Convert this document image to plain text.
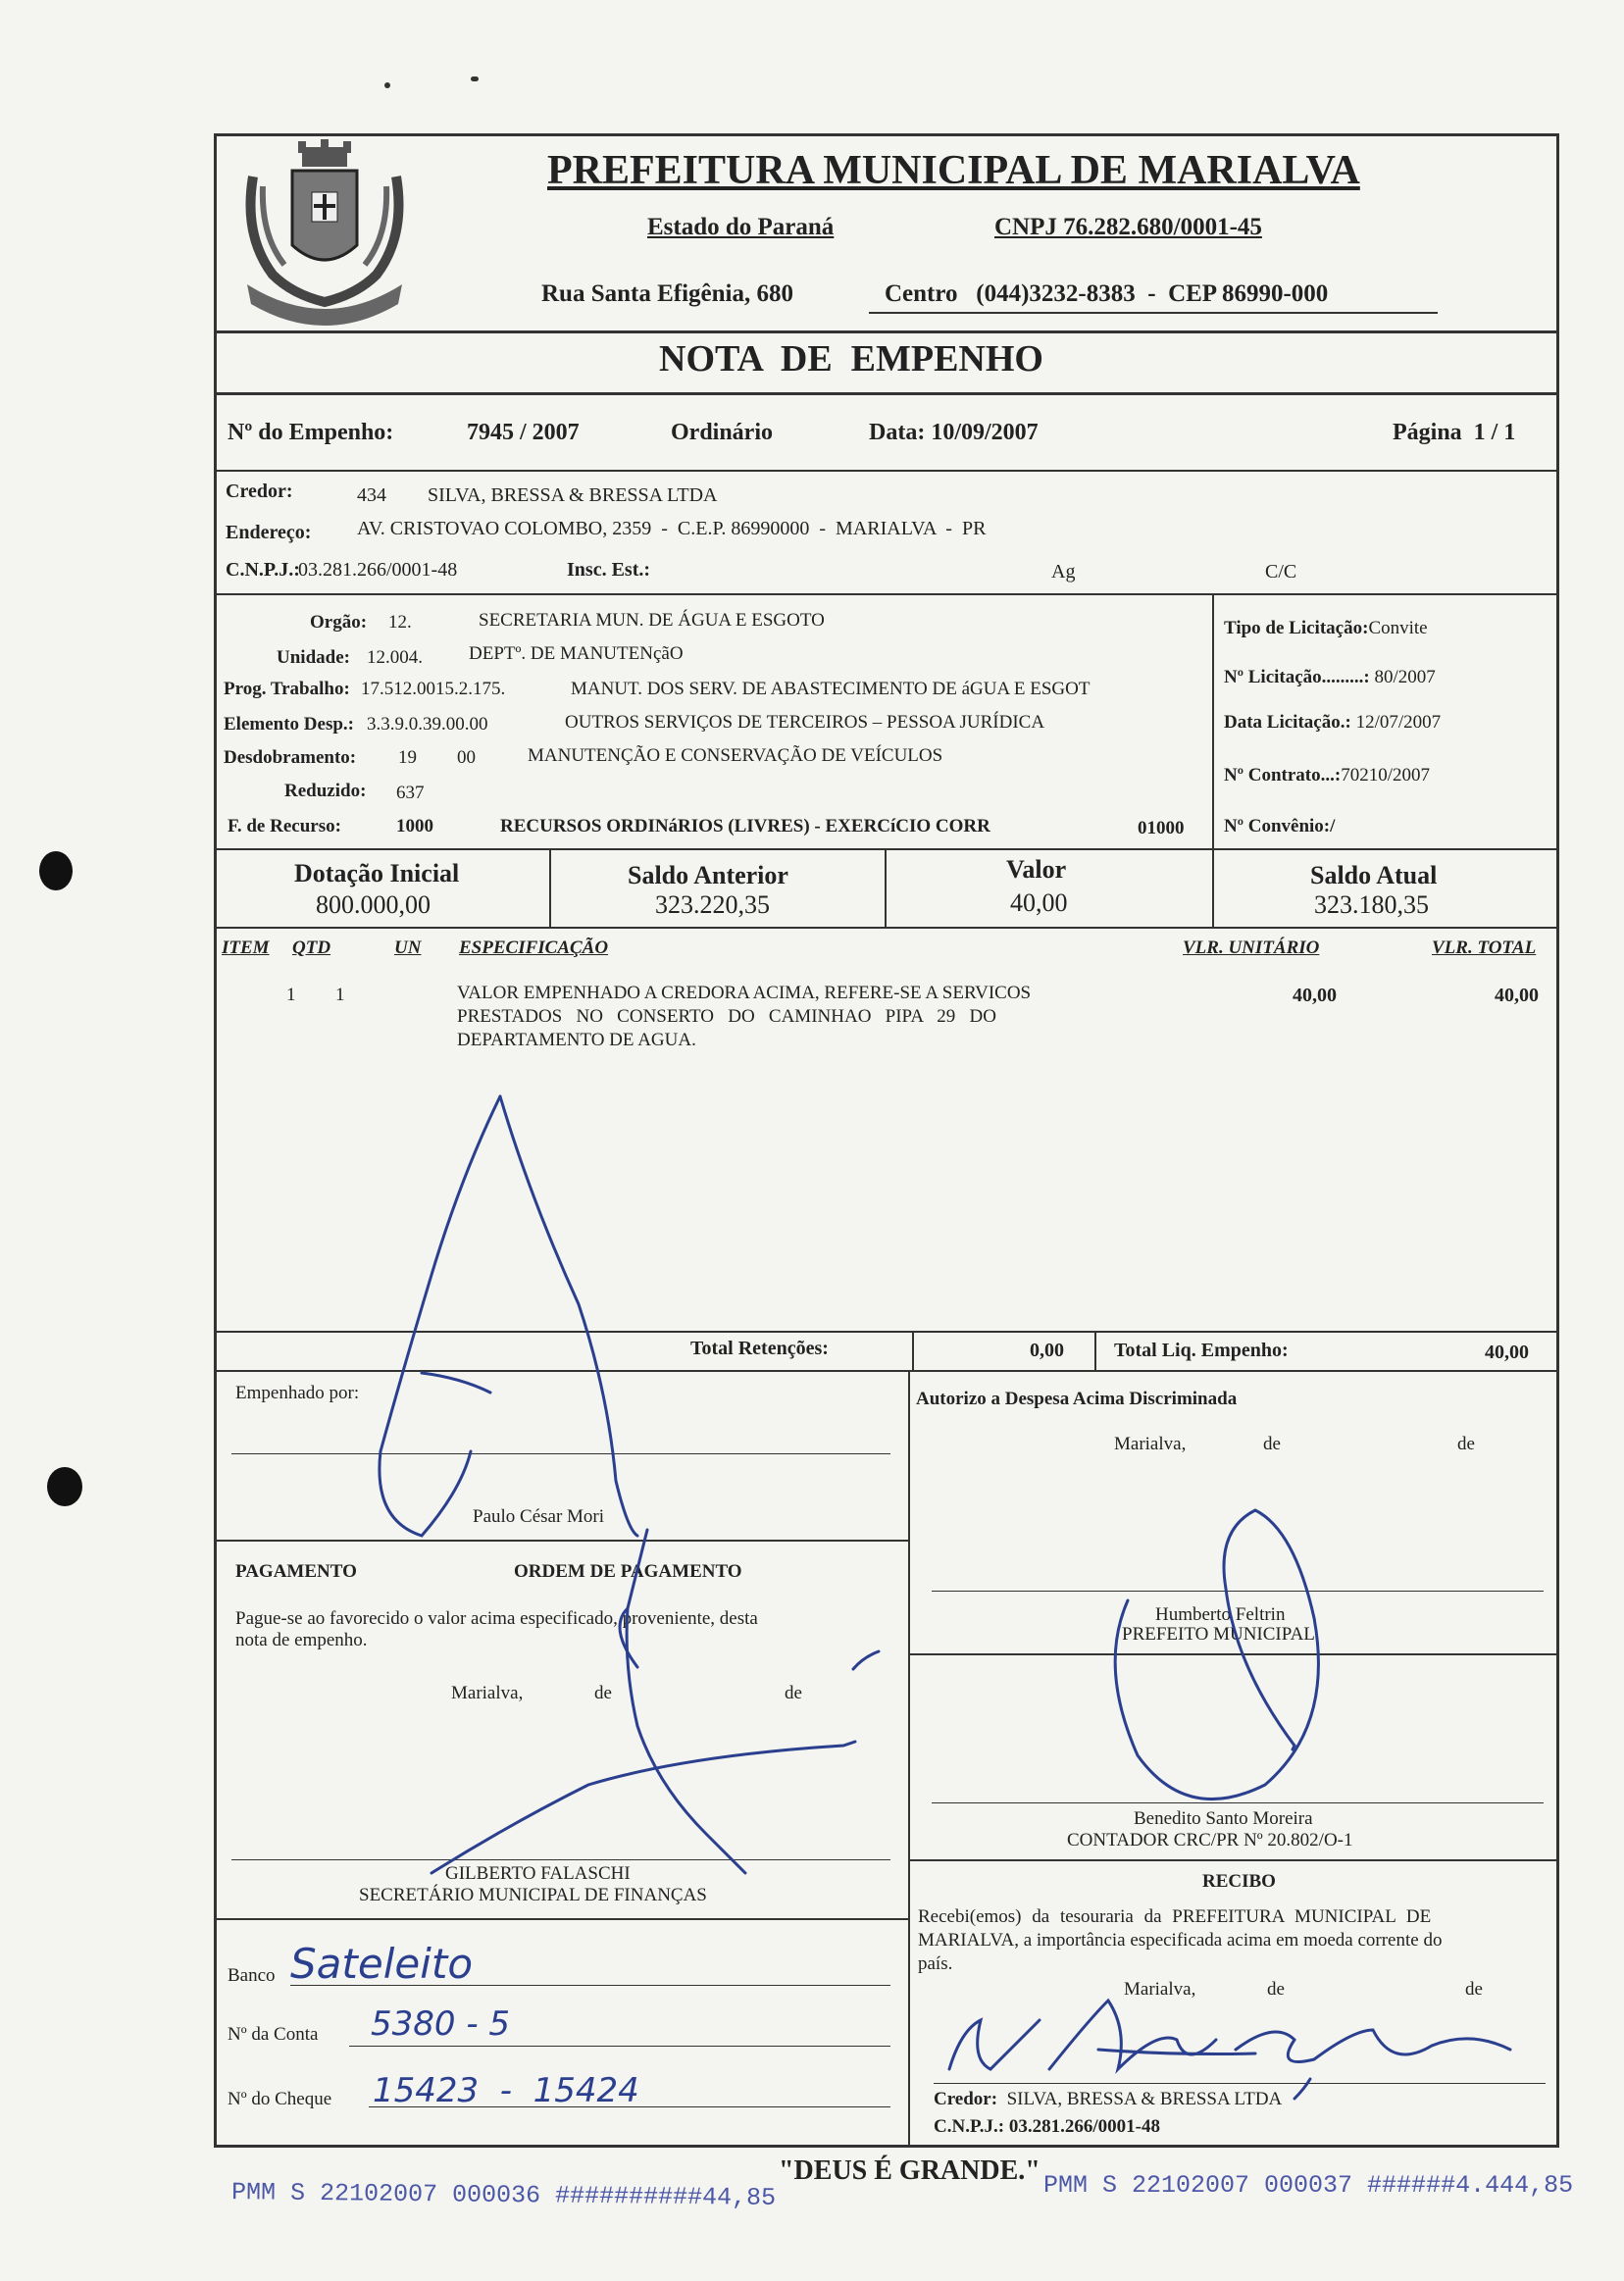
PREFEITURA MUNICIPAL DE MARIALVA
Estado do Paraná	CNPJ 76.282.680/0001-45
Rua Santa Efigênia, 680	Centro   (044)3232-8383  -  CEP 86990-000
NOTA  DE  EMPENHO
Nº do Empenho:	7945 / 2007	Ordinário	Data: 10/09/2007	Página  1 / 1
Credor:	434 SILVA, BRESSA & BRESSA LTDA
Endereço: AV. CRISTOVAO COLOMBO, 2359  -  C.E.P. 86990000  -  MARIALVA  -  PR
C.N.P.J.:
03.281.266/0001-48	Insc. Est.:	Ag	C/C
Orgão: 12.	SECRETARIA MUN. DE ÁGUA E ESGOTO
Unidade: 12.004. DEPTº. DE MANUTENçãO
Prog. Trabalho: 17.512.0015.2.175.	MANUT. DOS SERV. DE ABASTECIMENTO DE áGUA E ESGOT
Elemento Desp.: 3.3.9.0.39.00.00	OUTROS SERVIÇOS DE TERCEIROS – PESSOA JURÍDICA
Desdobramento: 19 00	MANUTENÇÃO E CONSERVAÇÃO DE VEÍCULOS
Reduzido: 637
F. de Recurso:	1000	RECURSOS ORDINáRIOS (LIVRES) - EXERCíCIO CORR	01000
Tipo de Licitação:Convite
Nº Licitação.........: 80/2007
Data Licitação.: 12/07/2007
Nº Contrato...:70210/2007
Nº Convênio:/
Dotação Inicial
800.000,00
Saldo Anterior
323.220,35
Valor
40,00
Saldo Atual
323.180,35
ITEM QTD	UN ESPECIFICAÇÃO	VLR. UNITÁRIO	VLR. TOTAL
1 1	VALOR EMPENHADO A CREDORA ACIMA, REFERE-SE A SERVICOS
PRESTADOS   NO   CONSERTO   DO   CAMINHAO   PIPA   29   DO
DEPARTAMENTO DE AGUA.
40,00	40,00
Total Retenções:	0,00	Total Liq. Empenho:	40,00
Empenhado por:
Paulo César Mori
Autorizo a Despesa Acima Discriminada
Marialva,	de	de
Humberto Feltrin
PREFEITO MUNICIPAL
Benedito Santo Moreira
CONTADOR CRC/PR Nº 20.802/O-1
PAGAMENTO	ORDEM DE PAGAMENTO
Pague-se ao favorecido o valor acima especificado, proveniente, desta
nota de empenho.
Marialva,	de	de
GILBERTO FALASCHI
SECRETÁRIO MUNICIPAL DE FINANÇAS
Banco Sateleito
Nº da Conta 5380 - 5
Nº do Cheque 15423  -  15424
RECIBO
Recebi(emos) da tesouraria da PREFEITURA MUNICIPAL DE
MARIALVA, a importância especificada acima em moeda corrente do
país.
Marialva,	de	de
Credor: SILVA, BRESSA & BRESSA LTDA
C.N.P.J.: 03.281.266/0001-48
"DEUS É GRANDE."
PMM S 22102007 000036 ##########44,85	PMM S 22102007 000037 ######4.444,85
